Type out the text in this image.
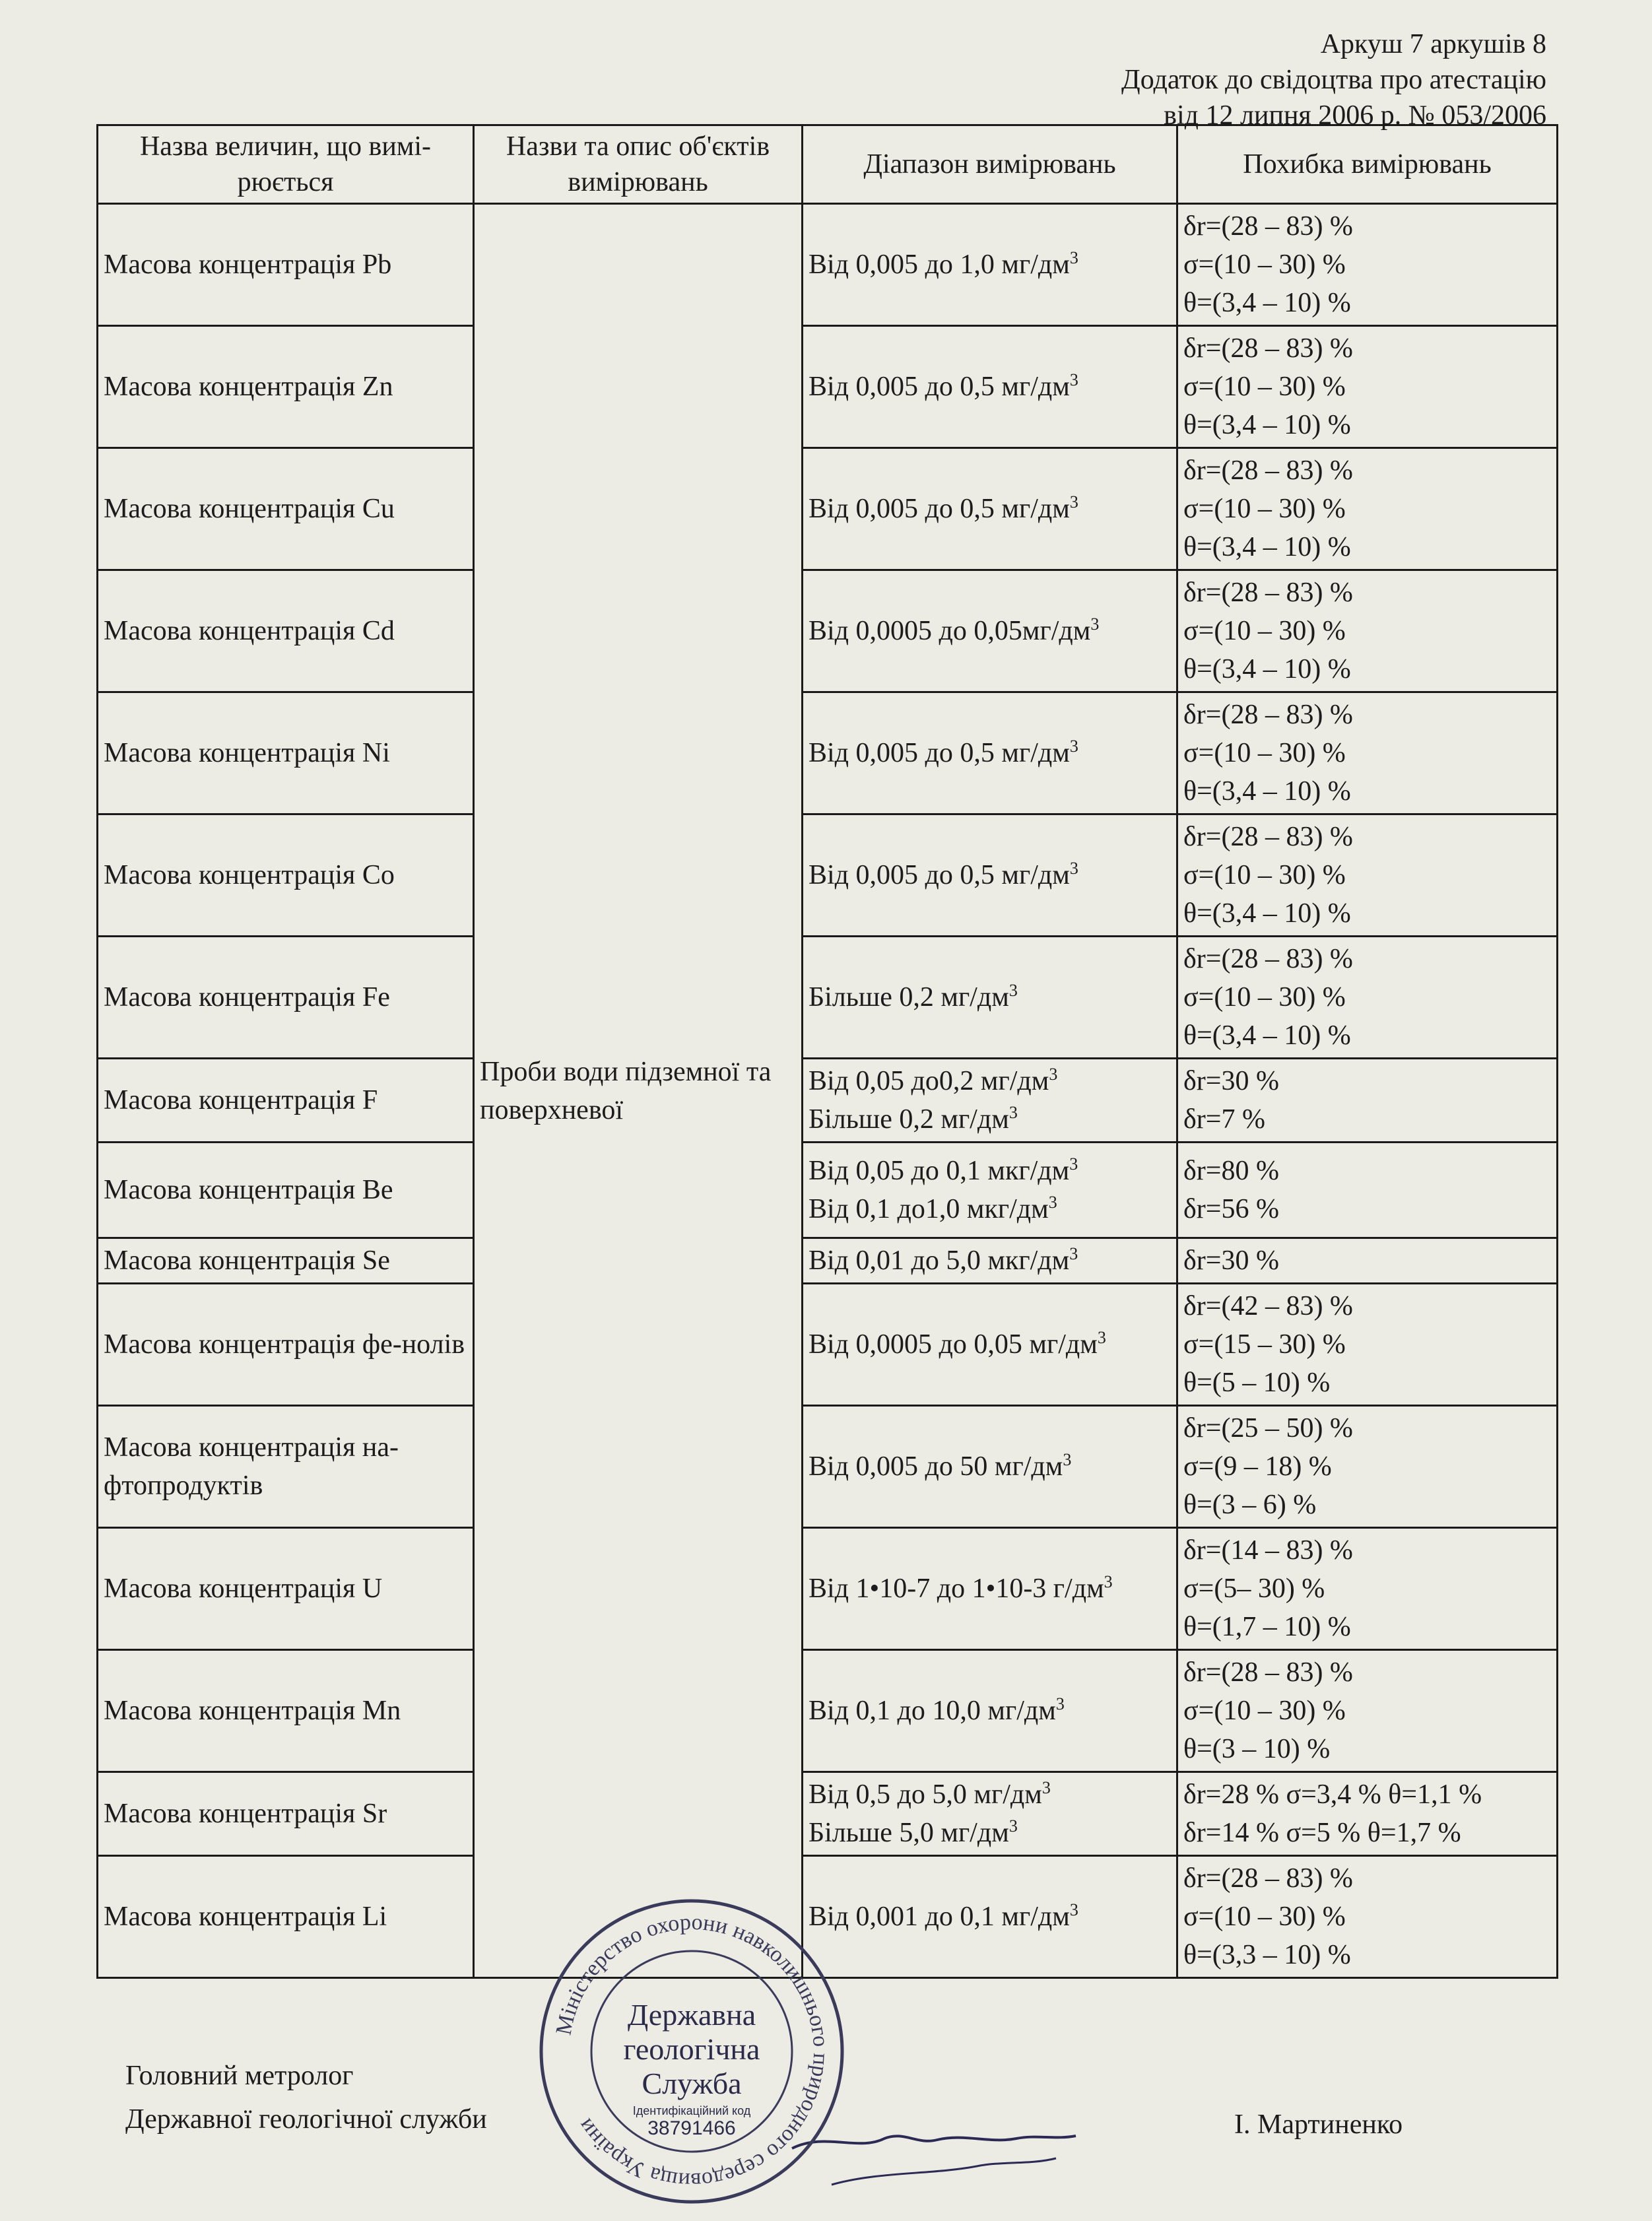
Аркуш 7 аркушів 8
Додаток до свідоцтва про атестацію
від 12 липня 2006 р. № 053/2006
Назва величин, що вимі-рюється	Назви та опис об'єктів вимірювань	Діапазон вимірювань	Похибка вимірювань
Масова концентрація Pb	Проби води підземної та поверхневої	Від 0,005 до 1,0 $мг/дм^3$	δr=(28 – 83) %
σ=(10 – 30) %
θ=(3,4 – 10) %

Масова концентрація Zn		Від 0,005 до 0,5 $мг/дм^3$	δr=(28 – 83) %
σ=(10 – 30) %
θ=(3,4 – 10) %

Масова концентрація Cu		Від 0,005 до 0,5 $мг/дм^3$	δr=(28 – 83) %
σ=(10 – 30) %
θ=(3,4 – 10) %

Масова концентрація Cd		Від 0,0005 до $0,05мг/дм^3$	δr=(28 – 83) %
σ=(10 – 30) %
θ=(3,4 – 10) %

Масова концентрація Ni		Від 0,005 до 0,5 $мг/дм^3$	δr=(28 – 83) %
σ=(10 – 30) %
θ=(3,4 – 10) %

Масова концентрація Co		Від 0,005 до 0,5 $мг/дм^3$	δr=(28 – 83) %
σ=(10 – 30) %
θ=(3,4 – 10) %

Масова концентрація Fe		Більше 0,2 $мг/дм^3$	δr=(28 – 83) %
σ=(10 – 30) %
θ=(3,4 – 10) %

Масова концентрація F		Від 0,05 до0,2 $мг/дм^3$
Більше 0,2 $мг/дм^3$	δr=30 %
δr=7 %

Масова концентрація Be		Від 0,05 до 0,1 мкг/$дм^3$
Від 0,1 до1,0 мкг/$дм^3$	δr=80 %
δr=56 %

Масова концентрація Se		Від 0,01 до 5,0 мкг/$дм^3$	δr=30 %

Масова концентрація фе-нолів		Від 0,0005 до 0,05 $мг/дм^3$	δr=(42 – 83) %
σ=(15 – 30) %
θ=(5 – 10) %

Масова концентрація на-фтопродуктів		Від 0,005 до 50 $мг/дм^3$	δr=(25 – 50) %
σ=(9 – 18) %
θ=(3 – 6) %

Масова концентрація U		Від 1•10-7 до 1•10-3 $г/дм^3$	δr=(14 – 83) %
σ=(5– 30) %
θ=(1,7 – 10) %

Масова концентрація Mn		Від 0,1 до 10,0 $мг/дм^3$	δr=(28 – 83) %
σ=(10 – 30) %
θ=(3 – 10) %

Масова концентрація Sr		Від 0,5 до 5,0 $мг/дм^3$
Більше 5,0 $мг/дм^3$	δr=28 % σ=3,4 % θ=1,1 %
δr=14 % σ=5 % θ=1,7 %

Масова концентрація Li		Від 0,001 до 0,1 $мг/дм^3$	δr=(28 – 83) %
σ=(10 – 30) %
θ=(3,3 – 10) %
Головний метролог
Державної геологічної служби	І. Мартиненко
Міністерство охорони навколишнього природного середовища України
Державна
геологічна
Служба
Ідентифікаційний код
38791466
